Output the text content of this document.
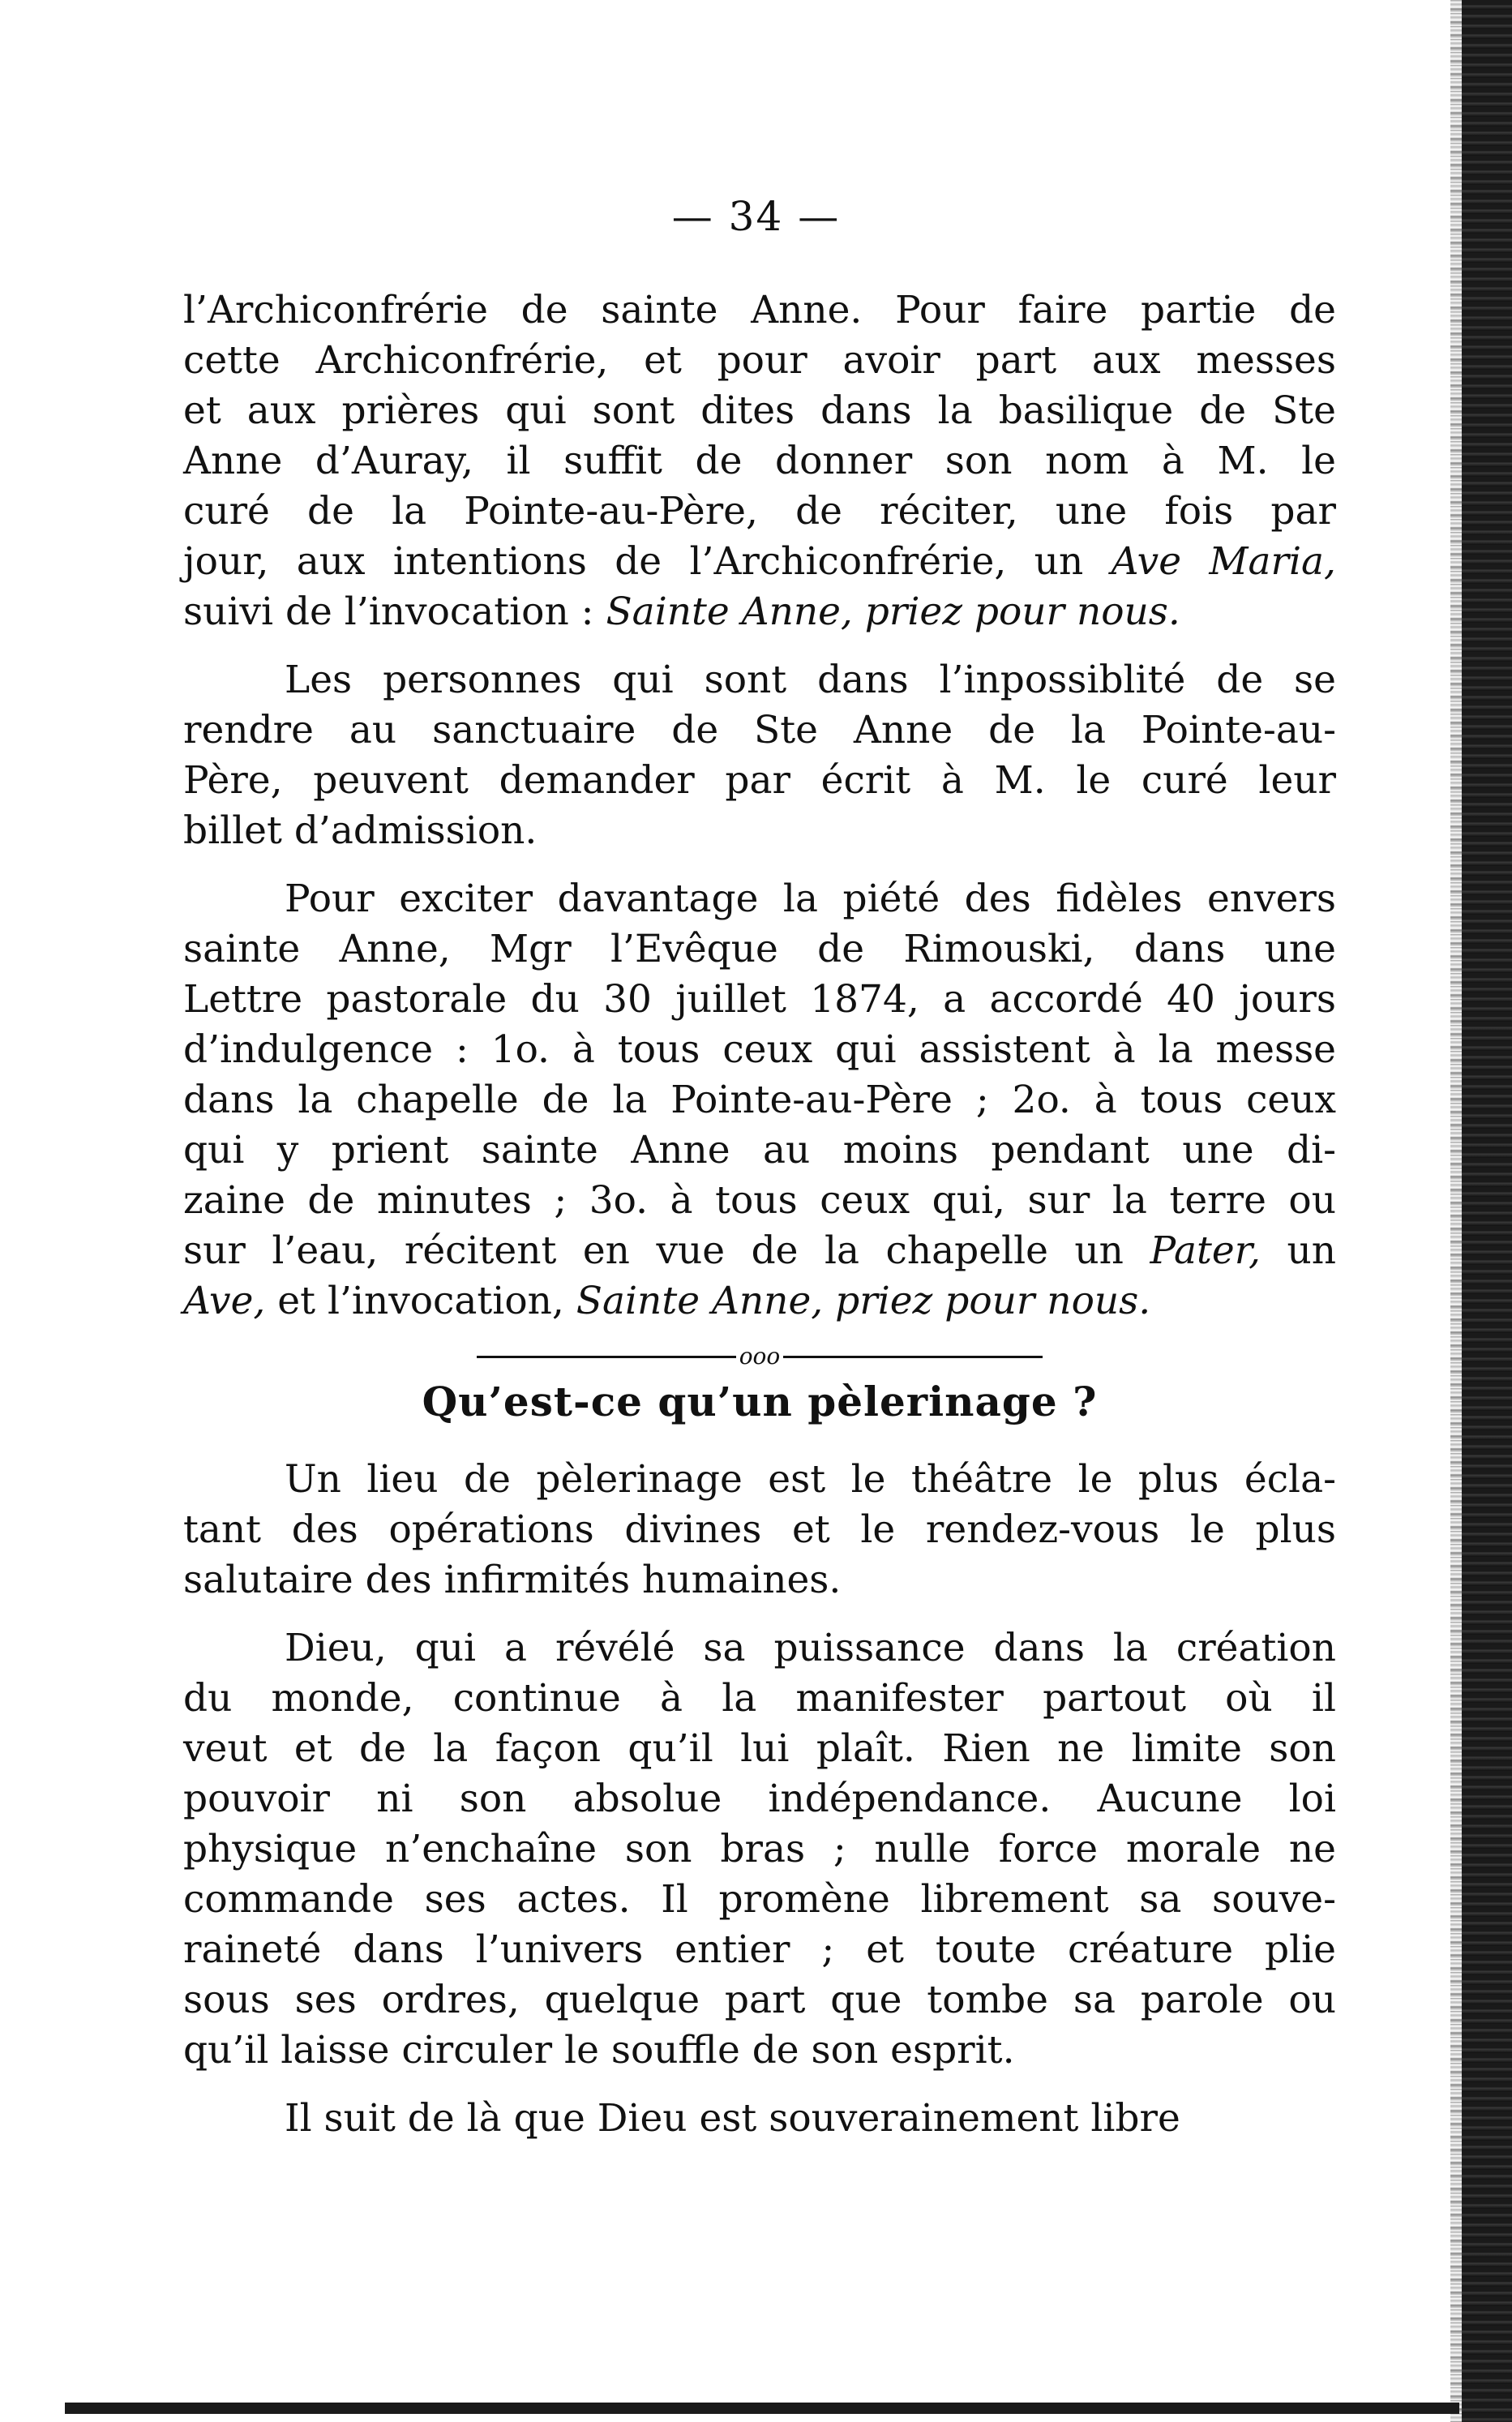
— 34 —

l’Archiconfrérie de sainte Anne. Pour faire partie de
cette Archiconfrérie, et pour avoir part aux messes
et aux prières qui sont dites dans la basilique de Ste
Anne d’Auray, il suffit de donner son nom à M. le
curé de la Pointe-au-Père, de réciter, une fois par
jour, aux intentions de l’Archiconfrérie, un Ave Maria,
suivi de l’invocation : Sainte Anne, priez pour nous.

Les personnes qui sont dans l’inpossiblité de se
rendre au sanctuaire de Ste Anne de la Pointe-au-
Père, peuvent demander par écrit à M. le curé leur
billet d’admission.

Pour exciter davantage la piété des fidèles envers
sainte Anne, Mgr l’Evêque de Rimouski, dans une
Lettre pastorale du 30 juillet 1874, a accordé 40 jours
d’indulgence : 1o. à tous ceux qui assistent à la messe
dans la chapelle de la Pointe-au-Père ; 2o. à tous ceux
qui y prient sainte Anne au moins pendant une di-
zaine de minutes ; 3o. à tous ceux qui, sur la terre ou
sur l’eau, récitent en vue de la chapelle un Pater, un
Ave, et l’invocation, Sainte Anne, priez pour nous.

ooo
Qu’est-ce qu’un pèlerinage ?

Un lieu de pèlerinage est le théâtre le plus écla-
tant des opérations divines et le rendez-vous le plus
salutaire des infirmités humaines.

Dieu, qui a révélé sa puissance dans la création
du monde, continue à la manifester partout où il
veut et de la façon qu’il lui plaît. Rien ne limite son
pouvoir ni son absolue indépendance. Aucune loi
physique n’enchaîne son bras ; nulle force morale ne
commande ses actes. Il promène librement sa souve-
raineté dans l’univers entier ; et toute créature plie
sous ses ordres, quelque part que tombe sa parole ou
qu’il laisse circuler le souffle de son esprit.

Il suit de là que Dieu est souverainement libre
